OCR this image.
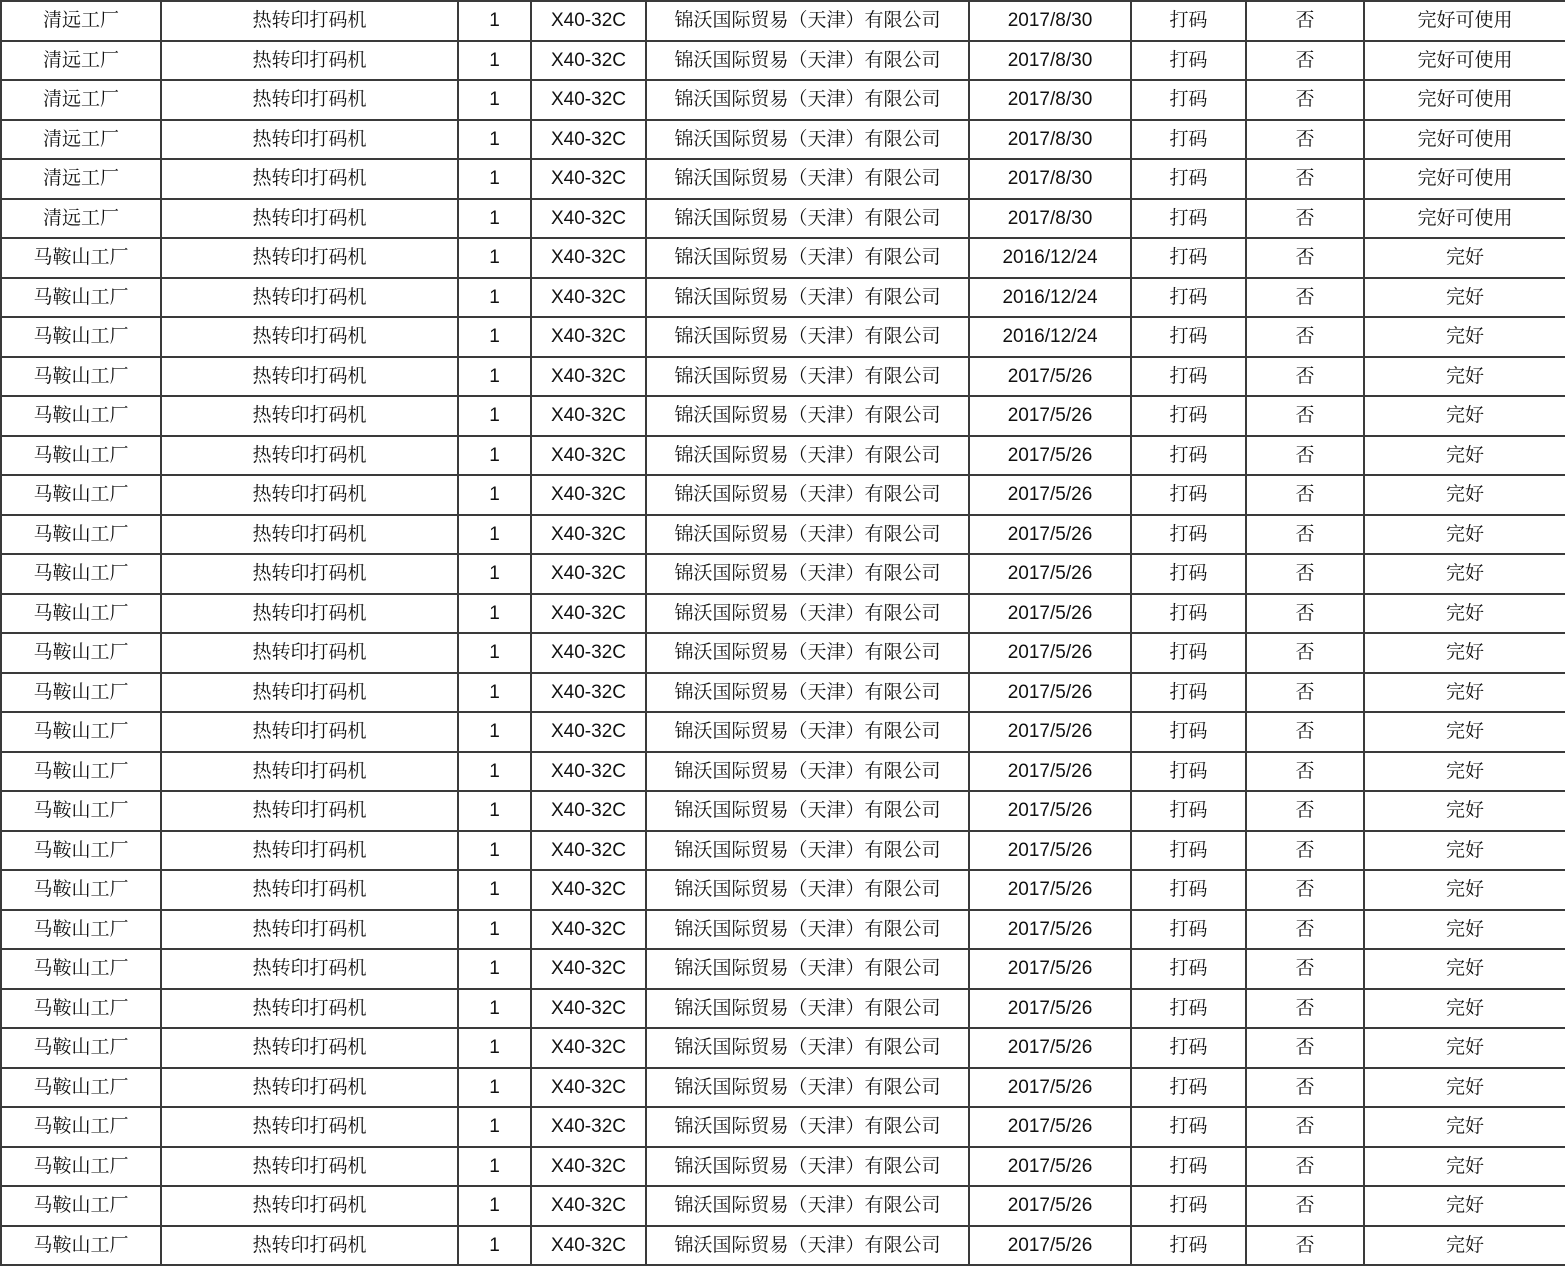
清远工厂	热转印打码机	1	X40-32C	锦沃国际贸易（天津）有限公司	2017/8/30	打码	否	完好可使用
清远工厂	热转印打码机	1	X40-32C	锦沃国际贸易（天津）有限公司	2017/8/30	打码	否	完好可使用
清远工厂	热转印打码机	1	X40-32C	锦沃国际贸易（天津）有限公司	2017/8/30	打码	否	完好可使用
清远工厂	热转印打码机	1	X40-32C	锦沃国际贸易（天津）有限公司	2017/8/30	打码	否	完好可使用
清远工厂	热转印打码机	1	X40-32C	锦沃国际贸易（天津）有限公司	2017/8/30	打码	否	完好可使用
清远工厂	热转印打码机	1	X40-32C	锦沃国际贸易（天津）有限公司	2017/8/30	打码	否	完好可使用
马鞍山工厂	热转印打码机	1	X40-32C	锦沃国际贸易（天津）有限公司	2016/12/24	打码	否	完好
马鞍山工厂	热转印打码机	1	X40-32C	锦沃国际贸易（天津）有限公司	2016/12/24	打码	否	完好
马鞍山工厂	热转印打码机	1	X40-32C	锦沃国际贸易（天津）有限公司	2016/12/24	打码	否	完好
马鞍山工厂	热转印打码机	1	X40-32C	锦沃国际贸易（天津）有限公司	2017/5/26	打码	否	完好
马鞍山工厂	热转印打码机	1	X40-32C	锦沃国际贸易（天津）有限公司	2017/5/26	打码	否	完好
马鞍山工厂	热转印打码机	1	X40-32C	锦沃国际贸易（天津）有限公司	2017/5/26	打码	否	完好
马鞍山工厂	热转印打码机	1	X40-32C	锦沃国际贸易（天津）有限公司	2017/5/26	打码	否	完好
马鞍山工厂	热转印打码机	1	X40-32C	锦沃国际贸易（天津）有限公司	2017/5/26	打码	否	完好
马鞍山工厂	热转印打码机	1	X40-32C	锦沃国际贸易（天津）有限公司	2017/5/26	打码	否	完好
马鞍山工厂	热转印打码机	1	X40-32C	锦沃国际贸易（天津）有限公司	2017/5/26	打码	否	完好
马鞍山工厂	热转印打码机	1	X40-32C	锦沃国际贸易（天津）有限公司	2017/5/26	打码	否	完好
马鞍山工厂	热转印打码机	1	X40-32C	锦沃国际贸易（天津）有限公司	2017/5/26	打码	否	完好
马鞍山工厂	热转印打码机	1	X40-32C	锦沃国际贸易（天津）有限公司	2017/5/26	打码	否	完好
马鞍山工厂	热转印打码机	1	X40-32C	锦沃国际贸易（天津）有限公司	2017/5/26	打码	否	完好
马鞍山工厂	热转印打码机	1	X40-32C	锦沃国际贸易（天津）有限公司	2017/5/26	打码	否	完好
马鞍山工厂	热转印打码机	1	X40-32C	锦沃国际贸易（天津）有限公司	2017/5/26	打码	否	完好
马鞍山工厂	热转印打码机	1	X40-32C	锦沃国际贸易（天津）有限公司	2017/5/26	打码	否	完好
马鞍山工厂	热转印打码机	1	X40-32C	锦沃国际贸易（天津）有限公司	2017/5/26	打码	否	完好
马鞍山工厂	热转印打码机	1	X40-32C	锦沃国际贸易（天津）有限公司	2017/5/26	打码	否	完好
马鞍山工厂	热转印打码机	1	X40-32C	锦沃国际贸易（天津）有限公司	2017/5/26	打码	否	完好
马鞍山工厂	热转印打码机	1	X40-32C	锦沃国际贸易（天津）有限公司	2017/5/26	打码	否	完好
马鞍山工厂	热转印打码机	1	X40-32C	锦沃国际贸易（天津）有限公司	2017/5/26	打码	否	完好
马鞍山工厂	热转印打码机	1	X40-32C	锦沃国际贸易（天津）有限公司	2017/5/26	打码	否	完好
马鞍山工厂	热转印打码机	1	X40-32C	锦沃国际贸易（天津）有限公司	2017/5/26	打码	否	完好
马鞍山工厂	热转印打码机	1	X40-32C	锦沃国际贸易（天津）有限公司	2017/5/26	打码	否	完好
马鞍山工厂	热转印打码机	1	X40-32C	锦沃国际贸易（天津）有限公司	2017/5/26	打码	否	完好
